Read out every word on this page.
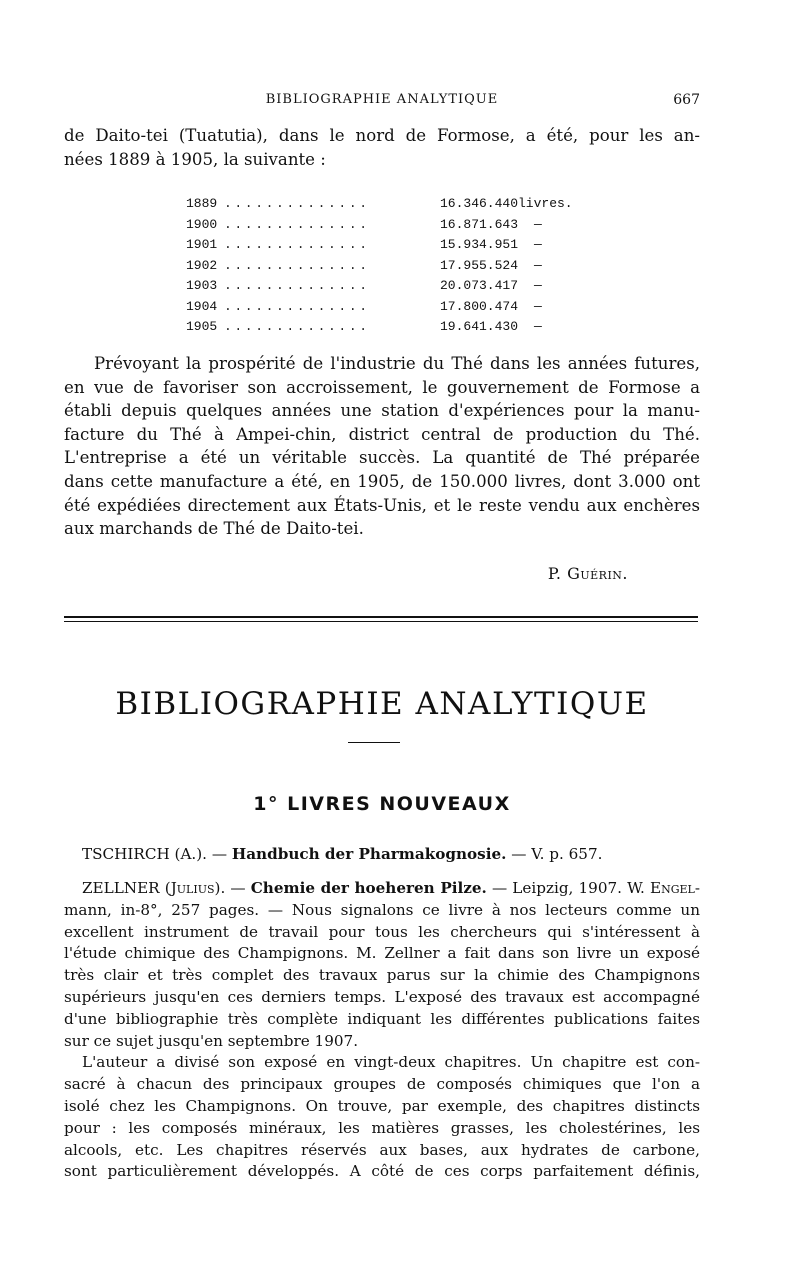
BIBLIOGRAPHIE ANALYTIQUE	667

de Daito-tei (Tuatutia), dans le nord de Formose, a été, pour les an-
nées 1889 à 1905, la suivante :

1889 ..............	16.346.440 livres.
1900 ..............	16.871.643 —
1901 ..............	15.934.951 —
1902 ..............	17.955.524 —
1903 ..............	20.073.417 —
1904 ..............	17.800.474 —
1905 ..............	19.641.430 —

Prévoyant la prospérité de l'industrie du Thé dans les années futures,
en vue de favoriser son accroissement, le gouvernement de Formose a
établi depuis quelques années une station d'expériences pour la manu-
facture du Thé à Ampei-chin, district central de production du Thé.
L'entreprise a été un véritable succès. La quantité de Thé préparée
dans cette manufacture a été, en 1905, de 150.000 livres, dont 3.000 ont
été expédiées directement aux États-Unis, et le reste vendu aux enchères
aux marchands de Thé de Daito-tei.

P. Guérin.
BIBLIOGRAPHIE ANALYTIQUE
1° LIVRES NOUVEAUX

TSCHIRCH (A.). — Handbuch der Pharmakognosie. — V. p. 657.

ZELLNER (Julius). — Chemie der hoeheren Pilze. — Leipzig, 1907. W. Engel-
mann, in-8°, 257 pages. — Nous signalons ce livre à nos lecteurs comme un
excellent instrument de travail pour tous les chercheurs qui s'intéressent à
l'étude chimique des Champignons. M. Zellner a fait dans son livre un exposé
très clair et très complet des travaux parus sur la chimie des Champignons
supérieurs jusqu'en ces derniers temps. L'exposé des travaux est accompagné
d'une bibliographie très complète indiquant les différentes publications faites
sur ce sujet jusqu'en septembre 1907.
L'auteur a divisé son exposé en vingt-deux chapitres. Un chapitre est con-
sacré à chacun des principaux groupes de composés chimiques que l'on a
isolé chez les Champignons. On trouve, par exemple, des chapitres distincts
pour : les composés minéraux, les matières grasses, les cholestérines, les
alcools, etc. Les chapitres réservés aux bases, aux hydrates de carbone,
sont particulièrement développés. A côté de ces corps parfaitement définis,
